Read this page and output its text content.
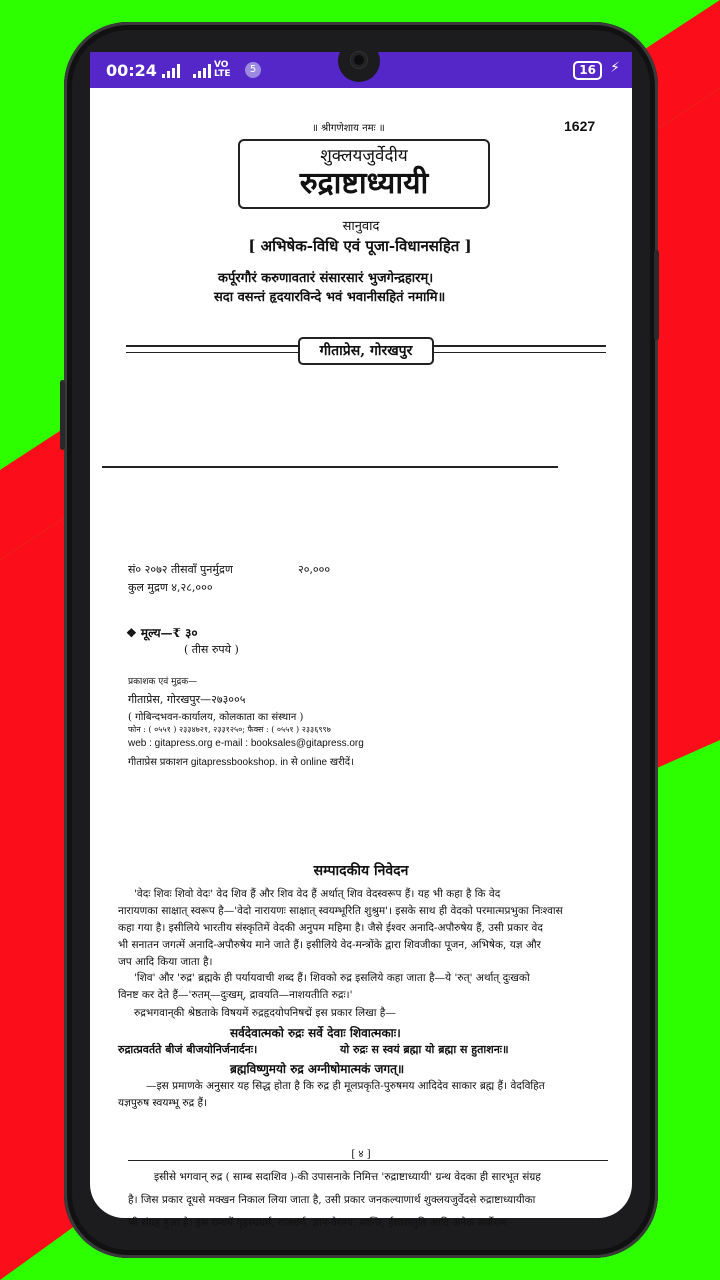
00:24
	VO LTE	5	16	⚡
॥ श्रीगणेशाय नमः ॥	1627
शुक्लयजुर्वेदीय
रुद्राष्टाध्यायी
सानुवाद
[ अभिषेक-विधि एवं पूजा-विधानसहित ]
कर्पूरगौरं करुणावतारं संसारसारं भुजगेन्द्रहारम्।
सदा वसन्तं हृदयारविन्दे भवं भवानीसहितं नमामि॥
गीताप्रेस, गोरखपुर
सं० २०७२ तीसवाँ पुनर्मुद्रण	२०,०००
कुल मुद्रण ४,२८,०००
❖ मूल्य—₹ ३०
( तीस रुपये )
प्रकाशक एवं मुद्रक—
गीताप्रेस, गोरखपुर—२७३००५
( गोबिन्दभवन-कार्यालय, कोलकाता का संस्थान )
फोन : ( ०५५१ ) २३३४७२१, २३३१२५०; फैक्स : ( ०५५१ ) २३३६९९७
web : gitapress.org e-mail : booksales@gitapress.org
गीताप्रेस प्रकाशन gitapressbookshop. in से online खरीदें।
सम्पादकीय निवेदन
'वेदः शिवः शिवो वेदः' वेद शिव हैं और शिव वेद हैं अर्थात् शिव वेदस्वरूप हैं। यह भी कहा है कि वेद
नारायणका साक्षात् स्वरूप है—'वेदो नारायणः साक्षात् स्वयम्भूरिति शुश्रुम'। इसके साथ ही वेदको परमात्मप्रभुका निःश्वास
कहा गया है। इसीलिये भारतीय संस्कृतिमें वेदकी अनुपम महिमा है। जैसे ईश्वर अनादि-अपौरुषेय हैं, उसी प्रकार वेद
भी सनातन जगत्में अनादि-अपौरुषेय माने जाते हैं। इसीलिये वेद-मन्त्रोंके द्वारा शिवजीका पूजन, अभिषेक, यज्ञ और
जप आदि किया जाता है।
'शिव' और 'रुद्र' ब्रह्मके ही पर्यायवाची शब्द हैं। शिवको रुद्र इसलिये कहा जाता है—ये 'रुत्' अर्थात् दुःखको
विनष्ट कर देते हैं—'रुतम्—दुःखम्, द्रावयति—नाशयतीति रुद्रः।'
रुद्रभगवान्‌की श्रेष्ठताके विषयमें रुद्रहृदयोपनिषद्में इस प्रकार लिखा है—
सर्वदेवात्मको रुद्रः सर्वे देवाः शिवात्मकाः।
रुद्रात्प्रवर्तते बीजं बीजयोनिर्जनार्दनः।	यो रुद्रः स स्वयं ब्रह्मा यो ब्रह्मा स हुताशनः॥
ब्रह्मविष्णुमयो रुद्र अग्नीषोमात्मकं जगत्॥
—इस प्रमाणके अनुसार यह सिद्ध होता है कि रुद्र ही मूलप्रकृति-पुरुषमय आदिदेव साकार ब्रह्म हैं। वेदविहित
यज्ञपुरुष स्वयम्भू रुद्र हैं।
[ ४ ]
इसीसे भगवान् रुद्र ( साम्ब सदाशिव )-की उपासनाके निमित्त 'रुद्राष्टाध्यायी' ग्रन्थ वेदका ही सारभूत संग्रह
है। जिस प्रकार दूधसे मक्खन निकाल लिया जाता है, उसी प्रकार जनकल्याणार्थ शुक्लयजुर्वेदसे रुद्राष्टाध्यायीका
भी संग्रह हुआ है। इस ग्रन्थमें गृहस्थधर्म, राजधर्म, ज्ञान-वैराग्य, शान्ति, ईश्वरस्तुति आदि अनेक सर्वोत्तम
